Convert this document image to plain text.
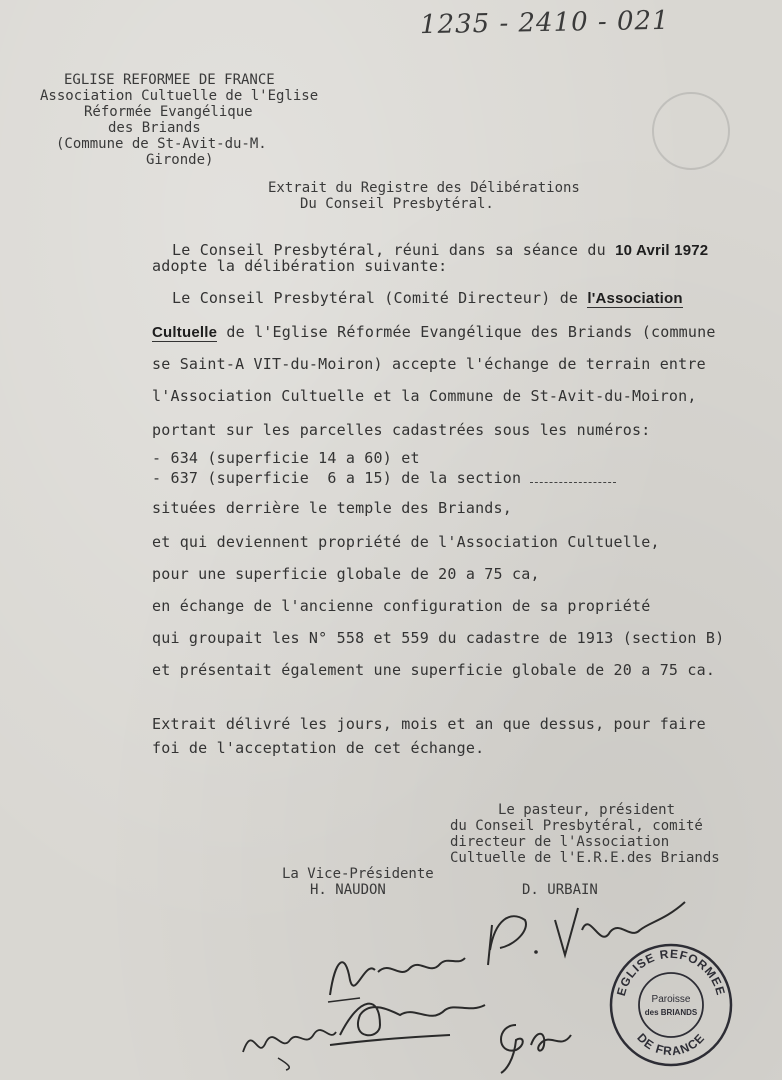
1235 - 2410 - 021
EGLISE REFORMEE DE FRANCE
Association Cultuelle de l'Eglise
Réformée Evangélique
des Briands
(Commune de St-Avit-du-M.
Gironde)
Extrait du Registre des Délibérations
Du Conseil Presbytéral.
Le Conseil Presbytéral, réuni dans sa séance du 10 Avril 1972
adopte la délibération suivante:
Le Conseil Presbytéral (Comité Directeur) de l'Association
Cultuelle de l'Eglise Réformée Evangélique des Briands (commune
se Saint-A VIT-du-Moiron) accepte l'échange de terrain entre
l'Association Cultuelle et la Commune de St-Avit-du-Moiron,
portant sur les parcelles cadastrées sous les numéros:
- 634 (superficie 14 a 60) et
- 637 (superficie  6 a 15) de la section
situées derrière le temple des Briands,
et qui deviennent propriété de l'Association Cultuelle,
pour une superficie globale de 20 a 75 ca,
en échange de l'ancienne configuration de sa propriété
qui groupait les N° 558 et 559 du cadastre de 1913 (section B)
et présentait également une superficie globale de 20 a 75 ca.
Extrait délivré les jours, mois et an que dessus, pour faire
foi de l'acceptation de cet échange.
Le pasteur, président
du Conseil Presbytéral, comité
directeur de l'Association
Cultuelle de l'E.R.E.des Briands
D. URBAIN
La Vice-Présidente
H. NAUDON
EGLISE REFORMEE
DE FRANCE
Paroisse
des BRIANDS
